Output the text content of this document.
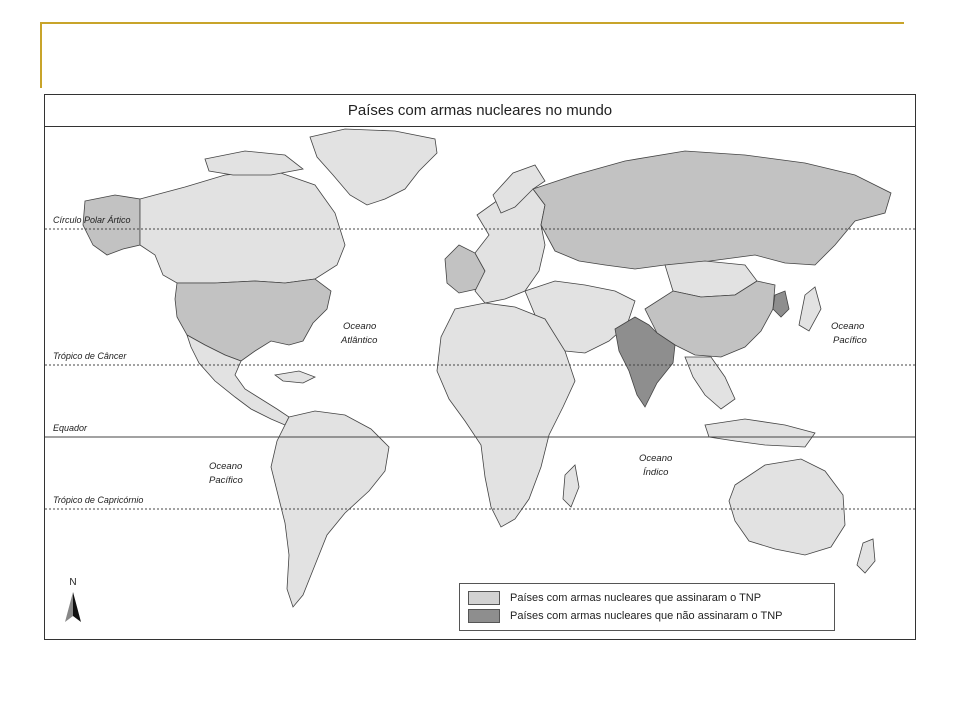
Países com armas nucleares no mundo
Círculo Polar Ártico
Trópico de Câncer
Equador
Trópico de Capricórnio
Oceano
Atlântico
Oceano
Pacífico
Oceano
Pacífico
Oceano
Índico
N
Países com armas nucleares que assinaram o TNP
Países com armas nucleares que não assinaram o TNP
